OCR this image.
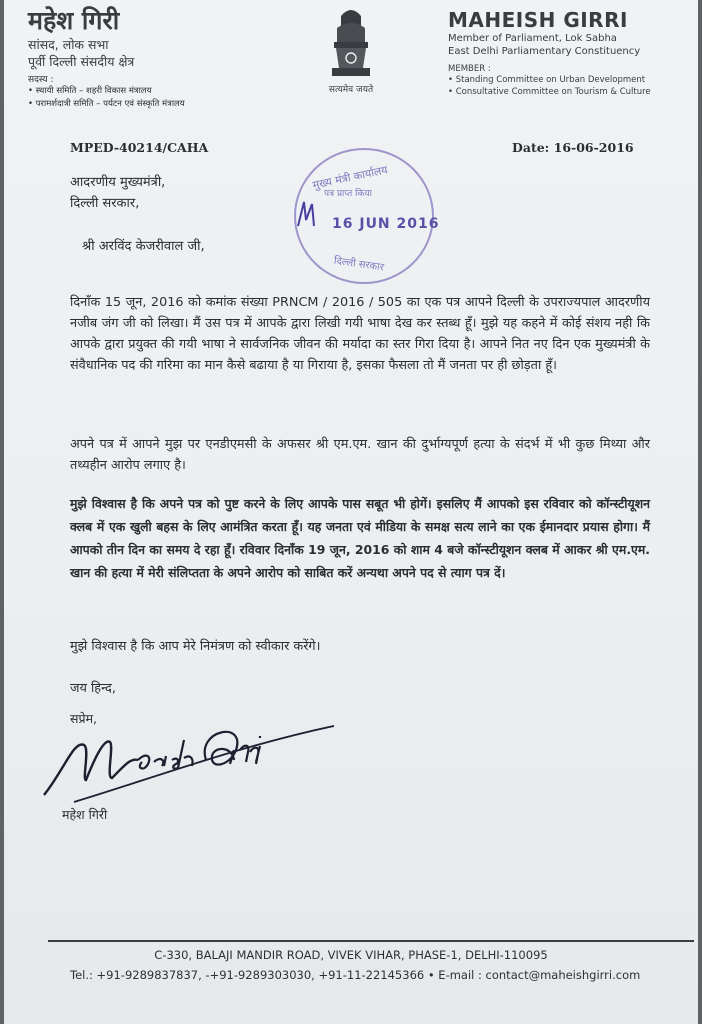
महेश गिरी
सांसद, लोक सभा
पूर्वी दिल्ली संसदीय क्षेत्र
सदस्य :
• स्थायी समिति – शहरी विकास मंत्रालय
• परामर्शदात्री समिति – पर्यटन एवं संस्कृति मंत्रालय
सत्यमेव जयते
MAHEISH GIRRI
Member of Parliament, Lok Sabha
East Delhi Parliamentary Constituency
MEMBER :
• Standing Committee on Urban Development
• Consultative Committee on Tourism & Culture
MPED-40214/CAHA	Date: 16-06-2016
आदरणीय मुख्यमंत्री,
दिल्ली सरकार,
मुख्य मंत्री कार्यालय
पत्र प्राप्त किया
16 JUN 2016
दिल्ली सरकार
श्री अरविंद केजरीवाल जी,
दिनाँक 15 जून, 2016 को कमांक संख्या PRNCM / 2016 / 505 का एक पत्र आपने दिल्ली के उपराज्यपाल आदरणीय नजीब जंग जी को लिखा। मैं उस पत्र में आपके द्वारा लिखी गयी भाषा देख कर स्तब्ध हूँ। मुझे यह कहने में कोई संशय नही कि आपके द्वारा प्रयुक्त की गयी भाषा ने सार्वजनिक जीवन की मर्यादा का स्तर गिरा दिया है। आपने नित नए दिन एक मुख्यमंत्री के संवैधानिक पद की गरिमा का मान कैसे बढाया है या गिराया है, इसका फैसला तो मैं जनता पर ही छोड़ता हूँ।
अपने पत्र में आपने मुझ पर एनडीएमसी के अफसर श्री एम.एम. खान की दुर्भाग्यपूर्ण हत्या के संदर्भ में भी कुछ मिथ्या और तथ्यहीन आरोप लगाए है।
मुझे विश्वास है कि अपने पत्र को पुष्ट करने के लिए आपके पास सबूत भी होगें। इसलिए मैं आपको इस रविवार को कॉन्स्टीयूशन क्लब में एक खुली बहस के लिए आमंत्रित करता हूँ। यह जनता एवं मीडिया के समक्ष सत्य लाने का एक ईमानदार प्रयास होगा। मैं आपको तीन दिन का समय दे रहा हूँ। रविवार दिनाँक 19 जून, 2016 को शाम 4 बजे कॉन्स्टीयूशन क्लब में आकर श्री एम.एम. खान की हत्या में मेरी संलिप्तता के अपने आरोप को साबित करें अन्यथा अपने पद से त्याग पत्र दें।
मुझे विश्वास है कि आप मेरे निमंत्रण को स्वीकार करेंगे।
जय हिन्द,
सप्रेम,
महेश गिरी
C-330, BALAJI MANDIR ROAD, VIVEK VIHAR, PHASE-1, DELHI-110095
Tel.: +91-9289837837, -+91-9289303030, +91-11-22145366 • E-mail : contact@maheishgirri.com
